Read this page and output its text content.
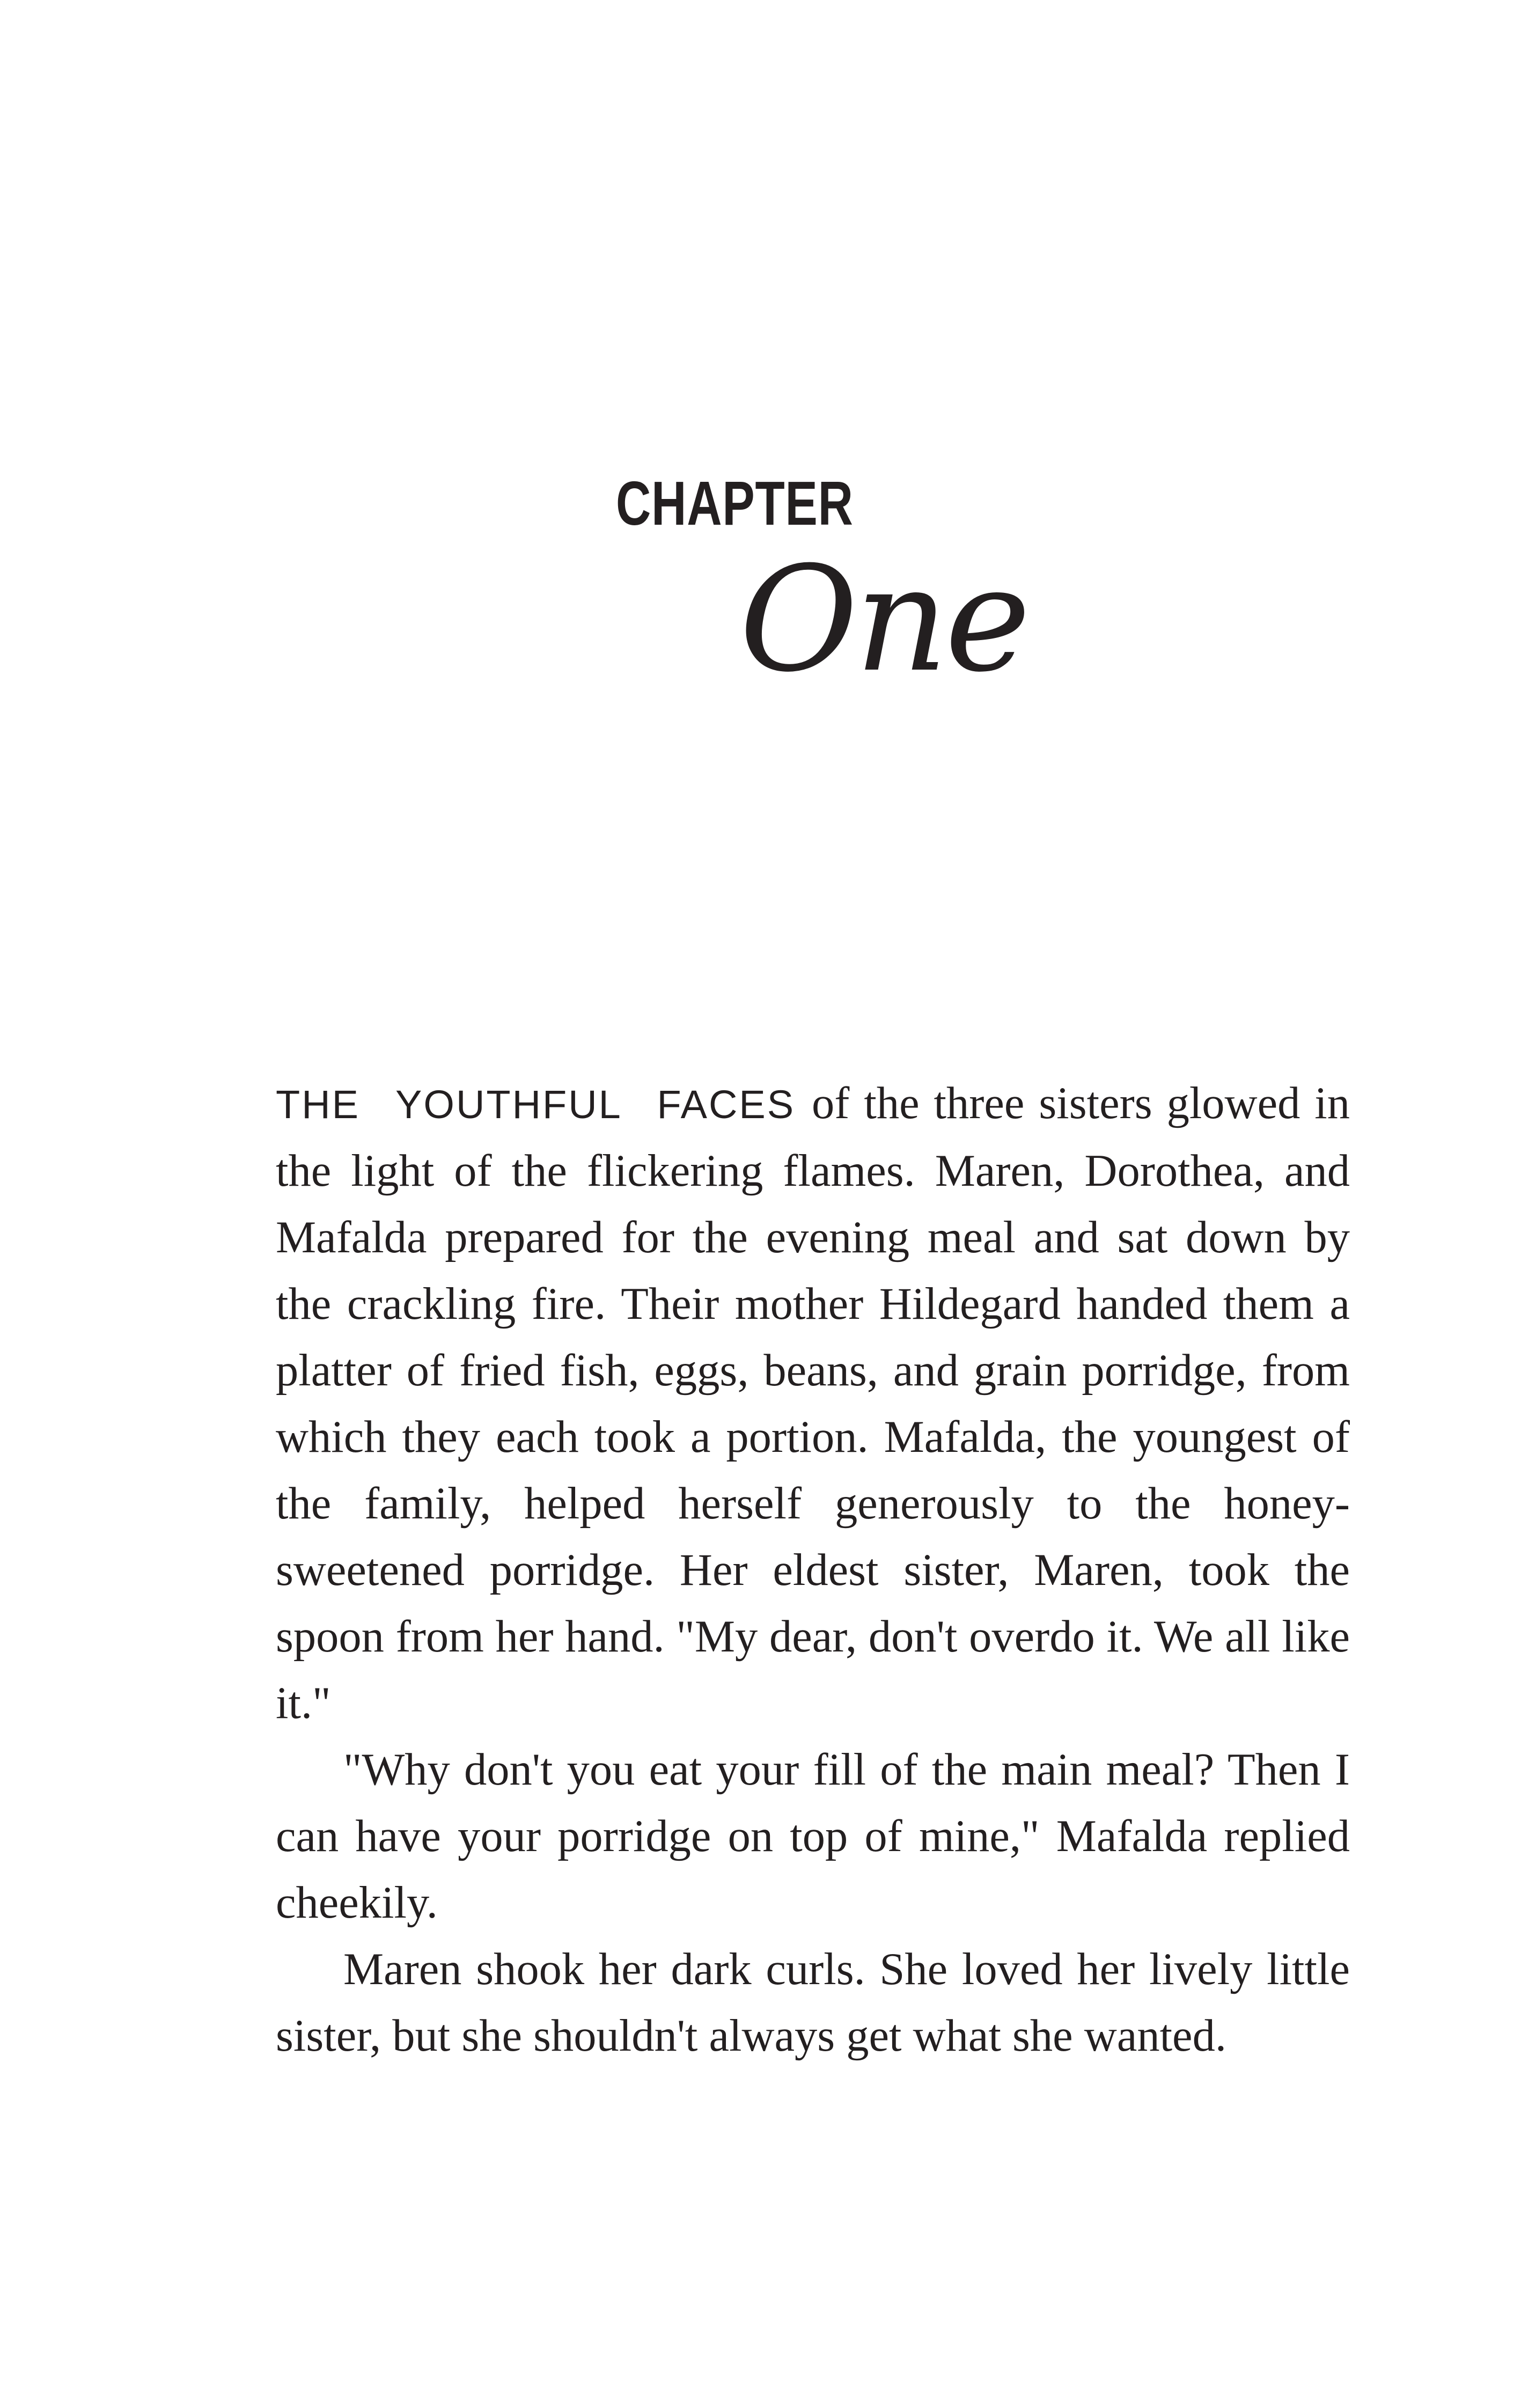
CHAPTER
One

THE YOUTHFUL FACES of the three sisters glowed in the light of the flickering flames. Maren, Dorothea, and Mafalda prepared for the evening meal and sat down by the crackling fire. Their mother Hildegard handed them a platter of fried fish, eggs, beans, and grain porridge, from which they each took a portion. Mafalda, the youngest of the family, helped herself generously to the honey-sweetened porridge. Her eldest sister, Maren, took the spoon from her hand. "My dear, don't overdo it. We all like it."

"Why don't you eat your fill of the main meal? Then I can have your porridge on top of mine," Mafalda replied cheekily.

Maren shook her dark curls. She loved her lively little sister, but she shouldn't always get what she wanted.
